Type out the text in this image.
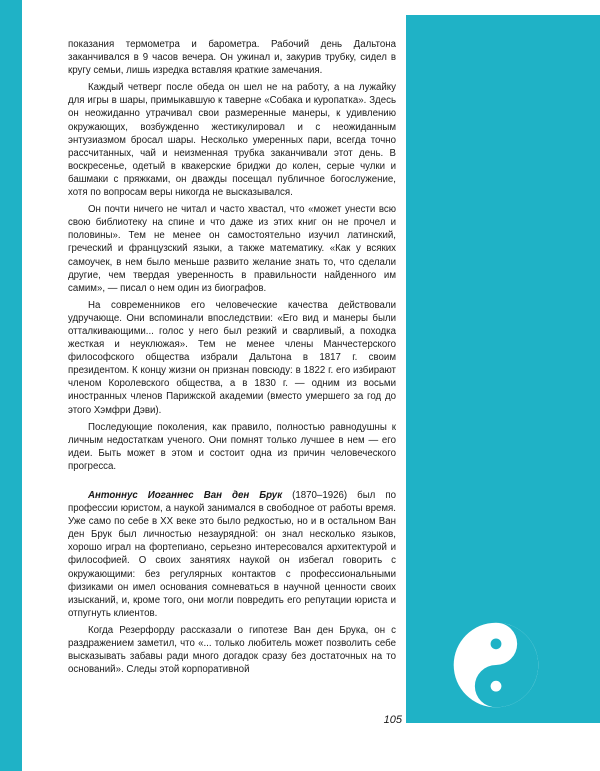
показания термометра и барометра. Рабочий день Дальтона заканчивался в 9 часов вечера. Он ужинал и, закурив трубку, сидел в кругу семьи, лишь изредка вставляя краткие замечания.

Каждый четверг после обеда он шел не на работу, а на лужайку для игры в шары, примыкавшую к таверне «Собака и куропатка». Здесь он неожиданно утрачивал свои размеренные манеры, к удивлению окружающих, возбужденно жестикулировал и с неожиданным энтузиазмом бросал шары. Несколько умеренных пари, всегда точно рассчитанных, чай и неизменная трубка заканчивали этот день. В воскресенье, одетый в квакерские бриджи до колен, серые чулки и башмаки с пряжками, он дважды посещал публичное богослужение, хотя по вопросам веры никогда не высказывался.

Он почти ничего не читал и часто хвастал, что «может унести всю свою библиотеку на спине и что даже из этих книг он не прочел и половины». Тем не менее он самостоятельно изучил латинский, греческий и французский языки, а также математику. «Как у всяких самоучек, в нем было меньше развито желание знать то, что сделали другие, чем твердая уверенность в правильности найденного им самим», — писал о нем один из биографов.

На современников его человеческие качества действовали удручающе. Они вспоминали впоследствии: «Его вид и манеры были отталкивающими... голос у него был резкий и сварливый, а походка жесткая и неуклюжая». Тем не менее члены Манчестерского философского общества избрали Дальтона в 1817 г. своим президентом. К концу жизни он признан повсюду: в 1822 г. его избирают членом Королевского общества, а в 1830 г. — одним из восьми иностранных членов Парижской академии (вместо умершего за год до этого Хэмфри Дэви).

Последующие поколения, как правило, полностью равнодушны к личным недостаткам ученого. Они помнят только лучшее в нем — его идеи. Быть может в этом и состоит одна из причин человеческого прогресса.

Антоннус Иоганнес Ван ден Брук (1870–1926) был по профессии юристом, а наукой занимался в свободное от работы время. Уже само по себе в XX веке это было редкостью, но и в остальном Ван ден Брук был личностью незаурядной: он знал несколько языков, хорошо играл на фортепиано, серьезно интересовался архитектурой и философией. О своих занятиях наукой он избегал говорить с окружающими: без регулярных контактов с профессиональными физиками он имел основания сомневаться в научной ценности своих изысканий, и, кроме того, они могли повредить его репутации юриста и отпугнуть клиентов.

Когда Резерфорду рассказали о гипотезе Ван ден Брука, он с раздражением заметил, что «... только любитель может позволить себе высказывать забавы ради много догадок сразу без достаточных на то оснований». Следы этой корпоративной

105
